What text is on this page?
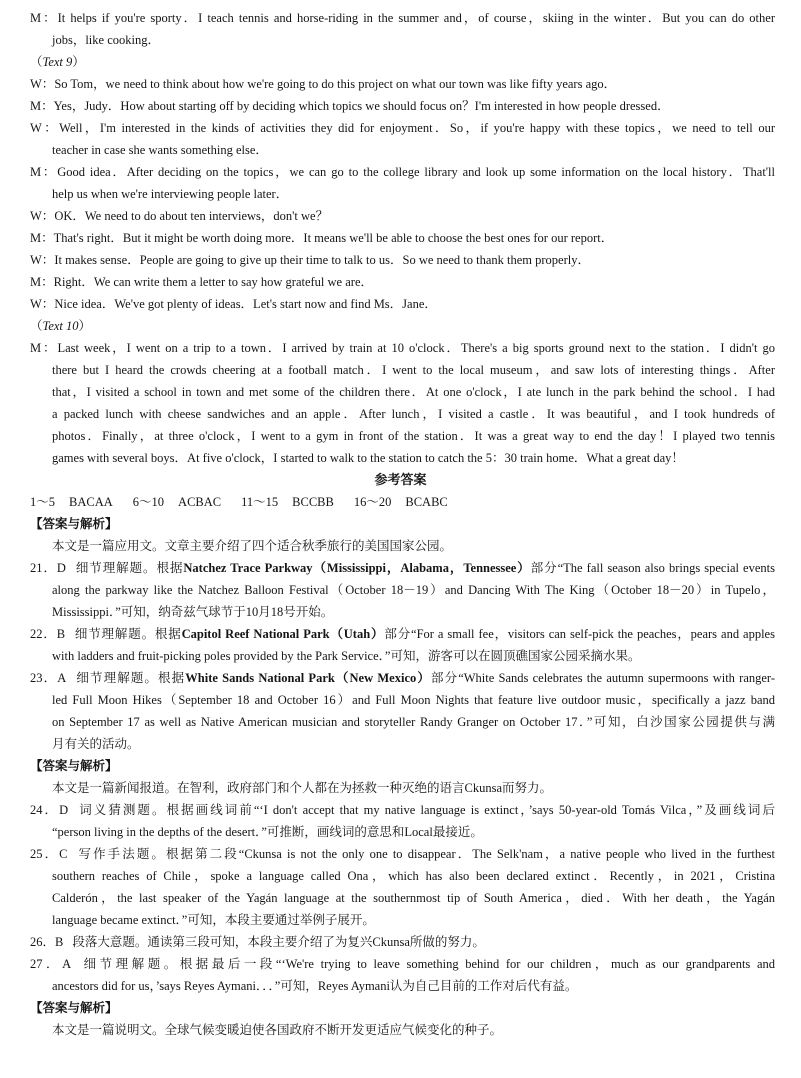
M：It helps if you're sporty．I teach tennis and horse-riding in the summer and，of course，skiing in the winter．But you can do other
jobs，like cooking．
（Text 9）
W：So Tom，we need to think about how we're going to do this project on what our town was like fifty years ago．
M：Yes，Judy．How about starting off by deciding which topics we should focus on？I'm interested in how people dressed．
W：Well，I'm interested in the kinds of activities they did for enjoyment．So，if you're happy with these topics，we need to tell our
teacher in case she wants something else．
M：Good idea．After deciding on the topics，we can go to the college library and look up some information on the local history．That'll
help us when we're interviewing people later．
W：OK．We need to do about ten interviews，don't we？
M：That's right．But it might be worth doing more．It means we'll be able to choose the best ones for our report．
W：It makes sense．People are going to give up their time to talk to us．So we need to thank them properly．
M：Right．We can write them a letter to say how grateful we are．
W：Nice idea．We've got plenty of ideas．Let's start now and find Ms．Jane．
（Text 10）
M：Last week，I went on a trip to a town．I arrived by train at 10 o'clock．There's a big sports ground next to the station．I didn't go
there but I heard the crowds cheering at a football match．I went to the local museum，and saw lots of interesting things．After
that，I visited a school in town and met some of the children there．At one o'clock，I ate lunch in the park behind the school．I had
a packed lunch with cheese sandwiches and an apple．After lunch，I visited a castle．It was beautiful，and I took hundreds of
photos．Finally，at three o'clock，I went to a gym in front of the station．It was a great way to end the day！I played two tennis
games with several boys．At five o'clock，I started to walk to the station to catch the 5：30 train home．What a great day！
参考答案
1～5 BACAA 6～10 ACBAC 11～15 BCCBB 16～20 BCABC
【答案与解析】
本文是一篇应用文。文章主要介绍了四个适合秋季旅行的美国国家公园。
21．D 细节理解题。根据Natchez Trace Parkway（Mississippi，Alabama，Tennessee）部分“The fall season also brings special events
along the parkway like the Natchez Balloon Festival（October 18－19）and Dancing With The King（October 18－20）in Tupelo，
Mississippi．”可知，纳奇兹气球节于10月18号开始。
22．B 细节理解题。根据Capitol Reef National Park（Utah）部分“For a small fee，visitors can self-pick the peaches，pears and apples
with ladders and fruit-picking poles provided by the Park Service．”可知，游客可以在圆顶礁国家公园采摘水果。
23．A 细节理解题。根据White Sands National Park（New Mexico）部分“White Sands celebrates the autumn supermoons with ranger-
led Full Moon Hikes（September 18 and October 16）and Full Moon Nights that feature live outdoor music，specifically a jazz band
on September 17 as well as Native American musician and storyteller Randy Granger on October 17．”可知，白沙国家公园提供与满
月有关的活动。
【答案与解析】
本文是一篇新闻报道。在智利，政府部门和个人都在为拯救一种灭绝的语言Ckunsa而努力。
24．D 词义猜测题。根据画线词前“‘I don't accept that my native language is extinct，’says 50-year-old Tomás Vilca，”及画线词后
“person living in the depths of the desert．”可推断，画线词的意思和Local最接近。
25．C 写作手法题。根据第二段“Ckunsa is not the only one to disappear．The Selk'nam，a native people who lived in the furthest
southern reaches of Chile，spoke a language called Ona，which has also been declared extinct．Recently，in 2021，Cristina
Calderón，the last speaker of the Yagán language at the southernmost tip of South America，died．With her death，the Yagán
language became extinct．”可知，本段主要通过举例子展开。
26．B 段落大意题。通读第三段可知，本段主要介绍了为复兴Ckunsa所做的努力。
27．A 细节理解题。根据最后一段“‘We're trying to leave something behind for our children，much as our grandparents and
ancestors did for us，’says Reyes Aymani．．．”可知，Reyes Aymani认为自己目前的工作对后代有益。
【答案与解析】
本文是一篇说明文。全球气候变暖迫使各国政府不断开发更适应气候变化的种子。
